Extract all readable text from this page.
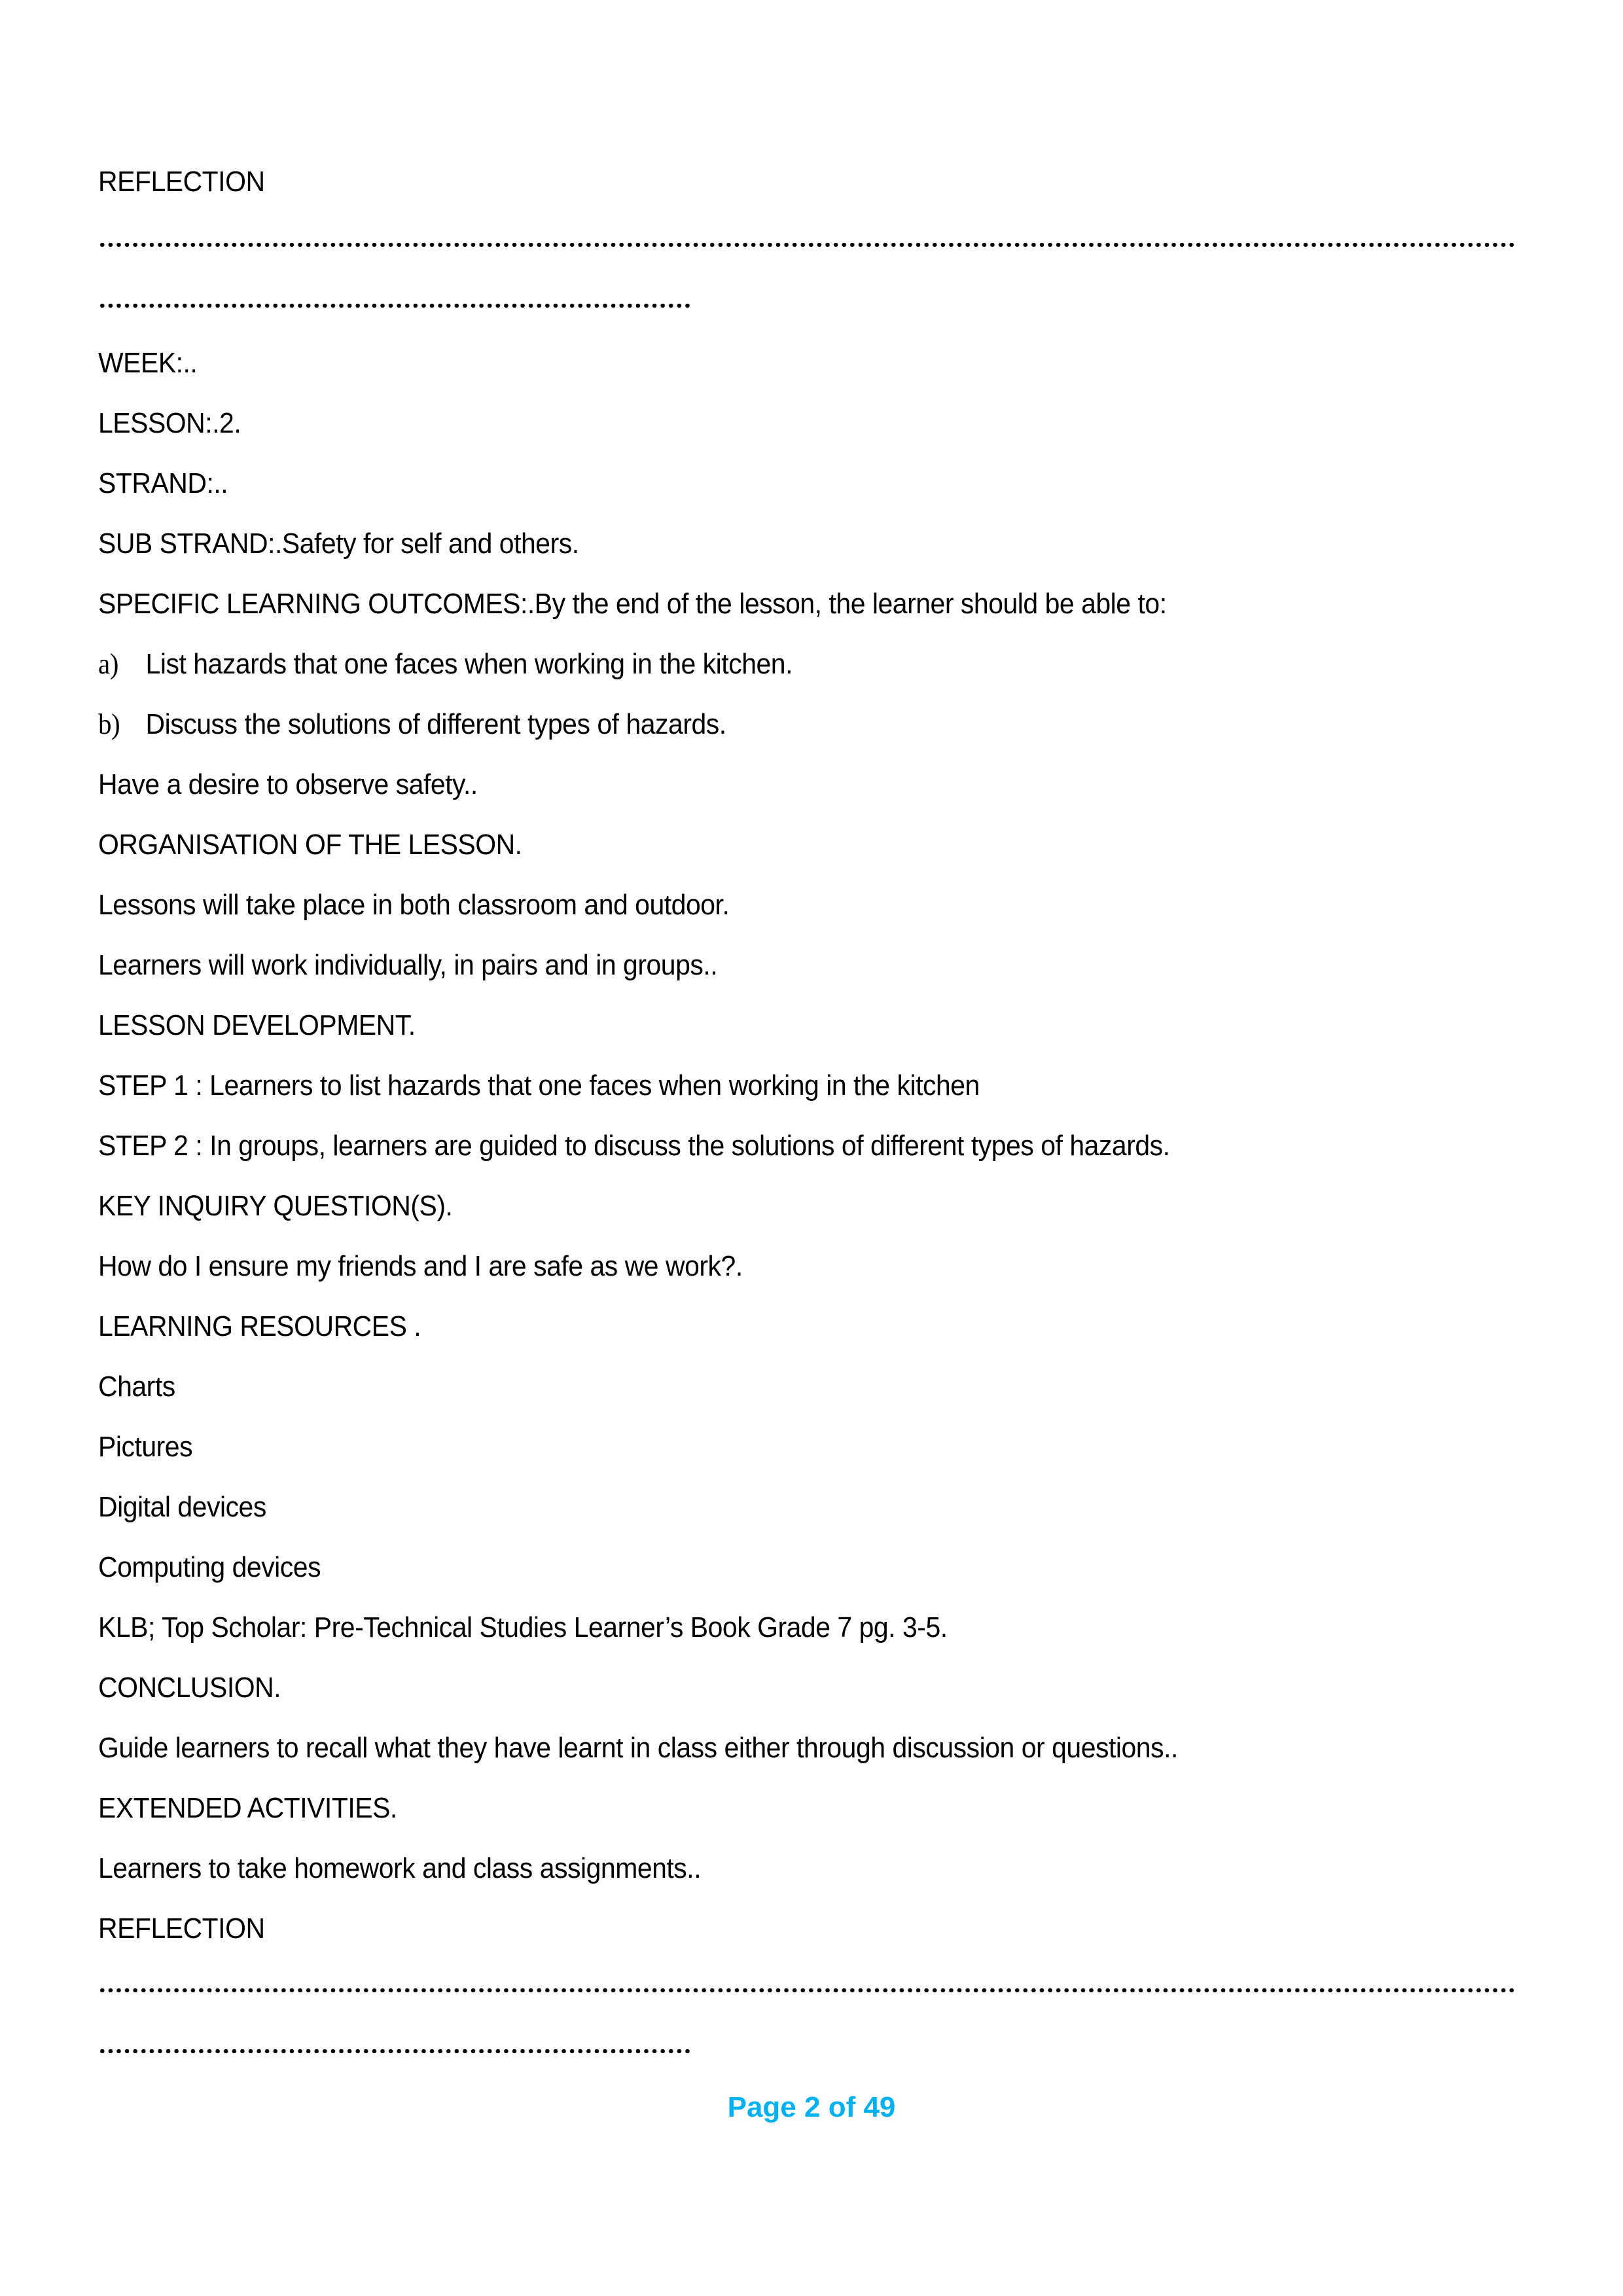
REFLECTION
WEEK:..
LESSON:.2.
STRAND:..
SUB STRAND:.Safety for self and others.
SPECIFIC LEARNING OUTCOMES:.By the end of the lesson, the learner should be able to:
a) List hazards that one faces when working in the kitchen.
b) Discuss the solutions of different types of hazards.
Have a desire to observe safety..
ORGANISATION OF THE LESSON.
Lessons will take place in both classroom and outdoor.
Learners will work individually, in pairs and in groups..
LESSON DEVELOPMENT.
STEP 1 : Learners to list hazards that one faces when working in the kitchen
STEP 2 : In groups, learners are guided to discuss the solutions of different types of hazards.
KEY INQUIRY QUESTION(S).
How do I ensure my friends and I are safe as we work?.
LEARNING RESOURCES .
Charts
Pictures
Digital devices
Computing devices
KLB; Top Scholar: Pre-Technical Studies Learner’s Book Grade 7 pg. 3-5.
CONCLUSION.
Guide learners to recall what they have learnt in class either through discussion or questions..
EXTENDED ACTIVITIES.
Learners to take homework and class assignments..
REFLECTION
Page 2 of 49
